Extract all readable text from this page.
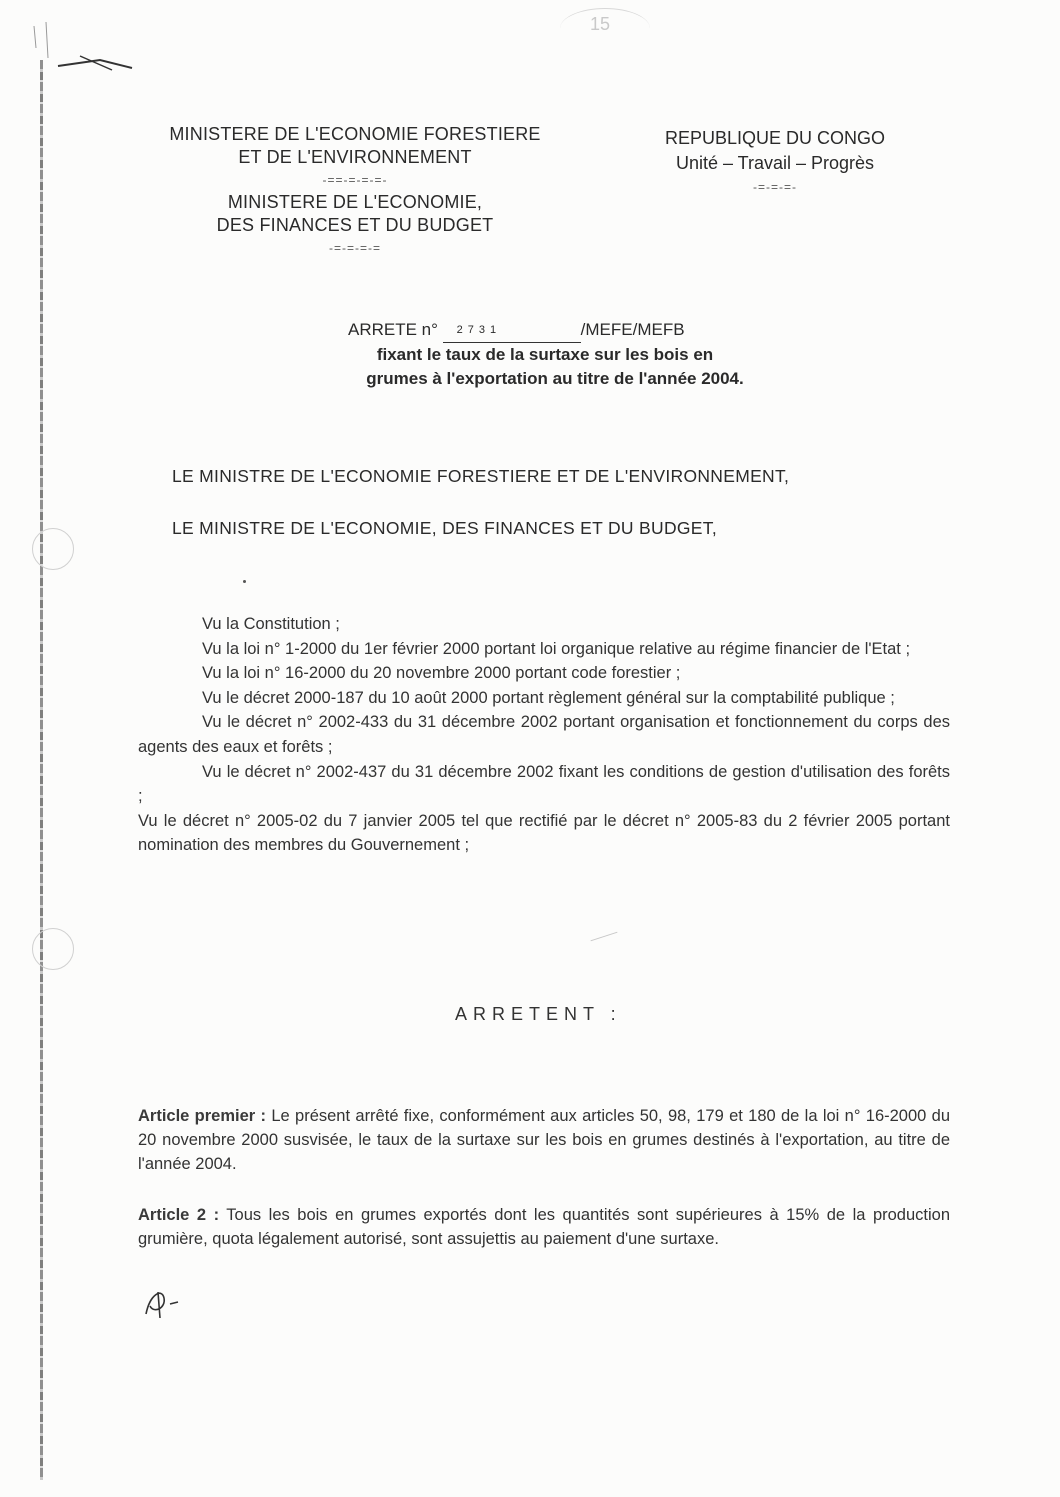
15
MINISTERE DE L'ECONOMIE FORESTIERE
ET DE L'ENVIRONNEMENT
-==-=-=-=-
MINISTERE DE L'ECONOMIE,
DES FINANCES ET DU BUDGET
-=-=-=-=
REPUBLIQUE DU CONGO
Unité – Travail – Progrès
-=-=-=-
ARRETE n° 2731	/MEFE/MEFB
fixant le taux de la surtaxe sur les bois en
grumes à l'exportation au titre de l'année 2004.
LE MINISTRE DE L'ECONOMIE FORESTIERE ET DE L'ENVIRONNEMENT,
LE MINISTRE DE L'ECONOMIE, DES FINANCES ET DU BUDGET,

Vu la Constitution ;

Vu la loi n° 1-2000 du 1er février 2000 portant loi organique relative au régime financier de l'Etat ;

Vu la loi n° 16-2000 du 20 novembre 2000 portant code forestier ;

Vu le décret 2000-187 du 10 août 2000 portant règlement général sur la comptabilité publique ;

Vu le décret n° 2002-433 du 31 décembre 2002 portant organisation et fonctionnement du corps des agents des eaux et forêts ;

Vu le décret n° 2002-437 du 31 décembre 2002 fixant les conditions de gestion d'utilisation des forêts ;

Vu le décret n° 2005-02 du 7 janvier 2005 tel que rectifié par le décret n° 2005-83 du 2 février 2005 portant nomination des membres du Gouvernement ;

ARRETENT :
Article premier : Le présent arrêté fixe, conformément aux articles 50, 98, 179 et 180 de la loi n° 16-2000 du 20 novembre 2000 susvisée, le taux de la surtaxe sur les bois en grumes destinés à l'exportation, au titre de l'année 2004.
Article 2 : Tous les bois en grumes exportés dont les quantités sont supérieures à 15% de la production grumière, quota légalement autorisé, sont assujettis au paiement d'une surtaxe.
